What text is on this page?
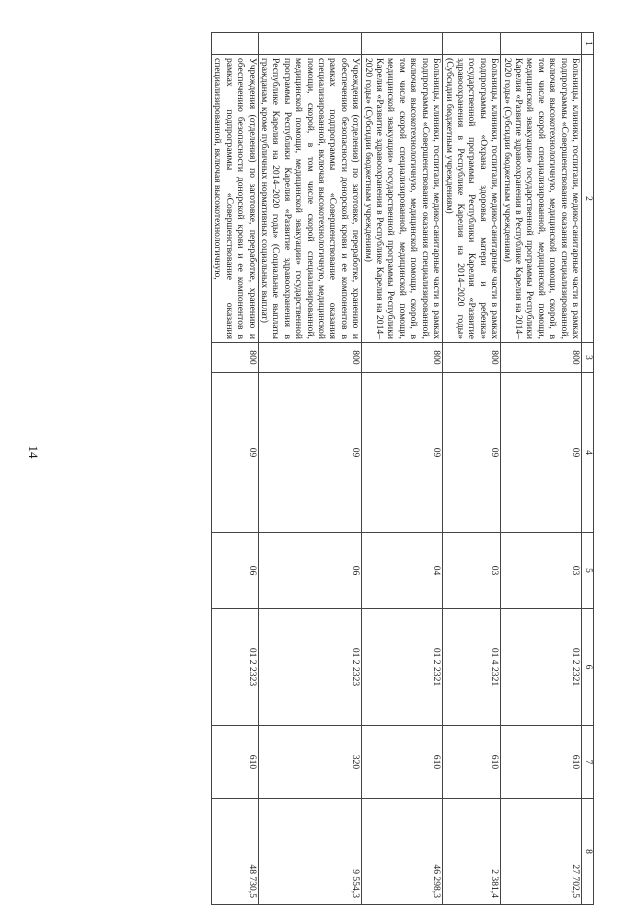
14
1	2	3	4	5	6	7	8
	Больницы, клиники, госпитали, медико-санитарные части в рамках подпрограммы «Совершенствование оказания специализированной, включая высокотехнологичную, медицинской помощи, скорой, в том числе скорой специализированной, медицинской помощи, медицинской эвакуации» государственной программы Республики Карелия «Развитие здравоохранения в Республике Карелия на 2014–2020 годы» (Субсидии бюджетным учреждениям)	800	09	03	01 2 2321	610	27 702,5
	Больницы, клиники, госпитали, медико-санитарные части в рамках подпрограммы «Охрана здоровья матери и ребенка» государственной программы Республики Карелия «Развитие здравоохранения в Республике Карелия на 2014–2020 годы» (Субсидии бюджетным учреждениям)	800	09	03	01 4 2321	610	2 381,4
	Больницы, клиники, госпитали, медико-санитарные части в рамках подпрограммы «Совершенствование оказания специализированной, включая высокотехнологичную, медицинской помощи, скорой, в том числе скорой специализированной, медицинской помощи, медицинской эвакуации» государственной программы Республики Карелия «Развитие здравоохранения в Республике Карелия на 2014–2020 годы» (Субсидии бюджетным учреждениям)	800	09	04	01 2 2321	610	46 298,3
	Учреждения (отделения) по заготовке, переработке, хранению и обеспечению безопасности донорской крови и ее компонентов в рамках подпрограммы «Совершенствование оказания специализированной, включая высокотехнологичную, медицинской помощи, скорой, в том числе скорой специализированной, медицинской помощи, медицинской эвакуации» государственной программы Республики Карелия «Развитие здравоохранения в Республике Карелия на 2014–2020 годы» (Социальные выплаты гражданам, кроме публичных нормативных социальных выплат)	800	09	06	01 2 2323	320	9 554,3
	Учреждения (отделения) по заготовке, переработке, хранению и обеспечению безопасности донорской крови и ее компонентов в рамках подпрограммы «Совершенствование оказания специализированной, включая высокотехнологичную,	800	09	06	01 2 2323	610	48 730,5
